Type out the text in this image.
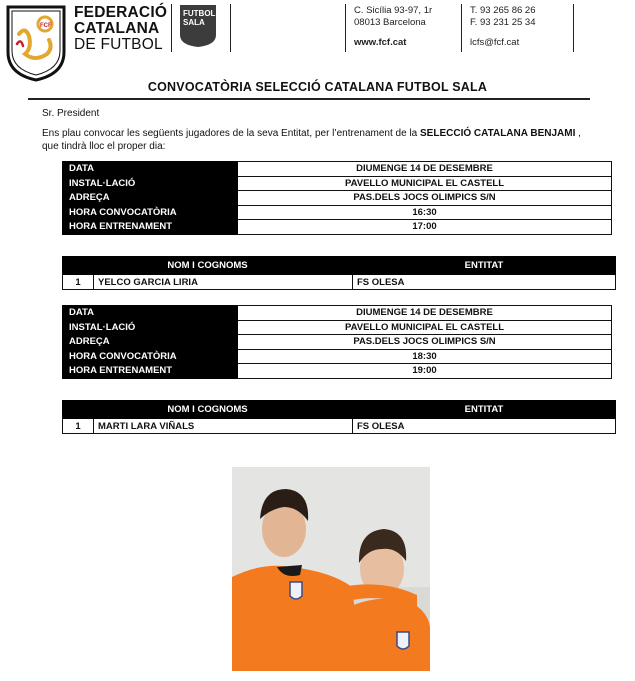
FCF
FEDERACIÓ
CATALANA
DE FUTBOL
FUTBOL
SALA
C. Sicília 93-97, 1r
08013 Barcelona
www.fcf.cat
T. 93 265 86 26
F. 93 231 25 34
lcfs@fcf.cat
CONVOCATÒRIA SELECCIÓ CATALANA FUTBOL SALA
Sr. President
Ens plau convocar les següents jugadores de la seva Entitat, per l’entrenament de la SELECCIÓ CATALANA BENJAMI ,
que tindrà lloc el proper dia:
DATA	DIUMENGE 14 DE DESEMBRE
INSTAL·LACIÓ	PAVELLO MUNICIPAL EL CASTELL
ADREÇA	PAS.DELS JOCS OLIMPICS S/N
HORA CONVOCATÒRIA	16:30
HORA ENTRENAMENT	17:00
NOM I COGNOMS		ENTITAT
1	YELCO GARCIA LIRIA	FS OLESA
DATA	DIUMENGE 14 DE DESEMBRE
INSTAL·LACIÓ	PAVELLO MUNICIPAL EL CASTELL
ADREÇA	PAS.DELS JOCS OLIMPICS S/N
HORA CONVOCATÒRIA	18:30
HORA ENTRENAMENT	19:00
NOM I COGNOMS		ENTITAT
1	MARTI LARA VIÑALS	FS OLESA
